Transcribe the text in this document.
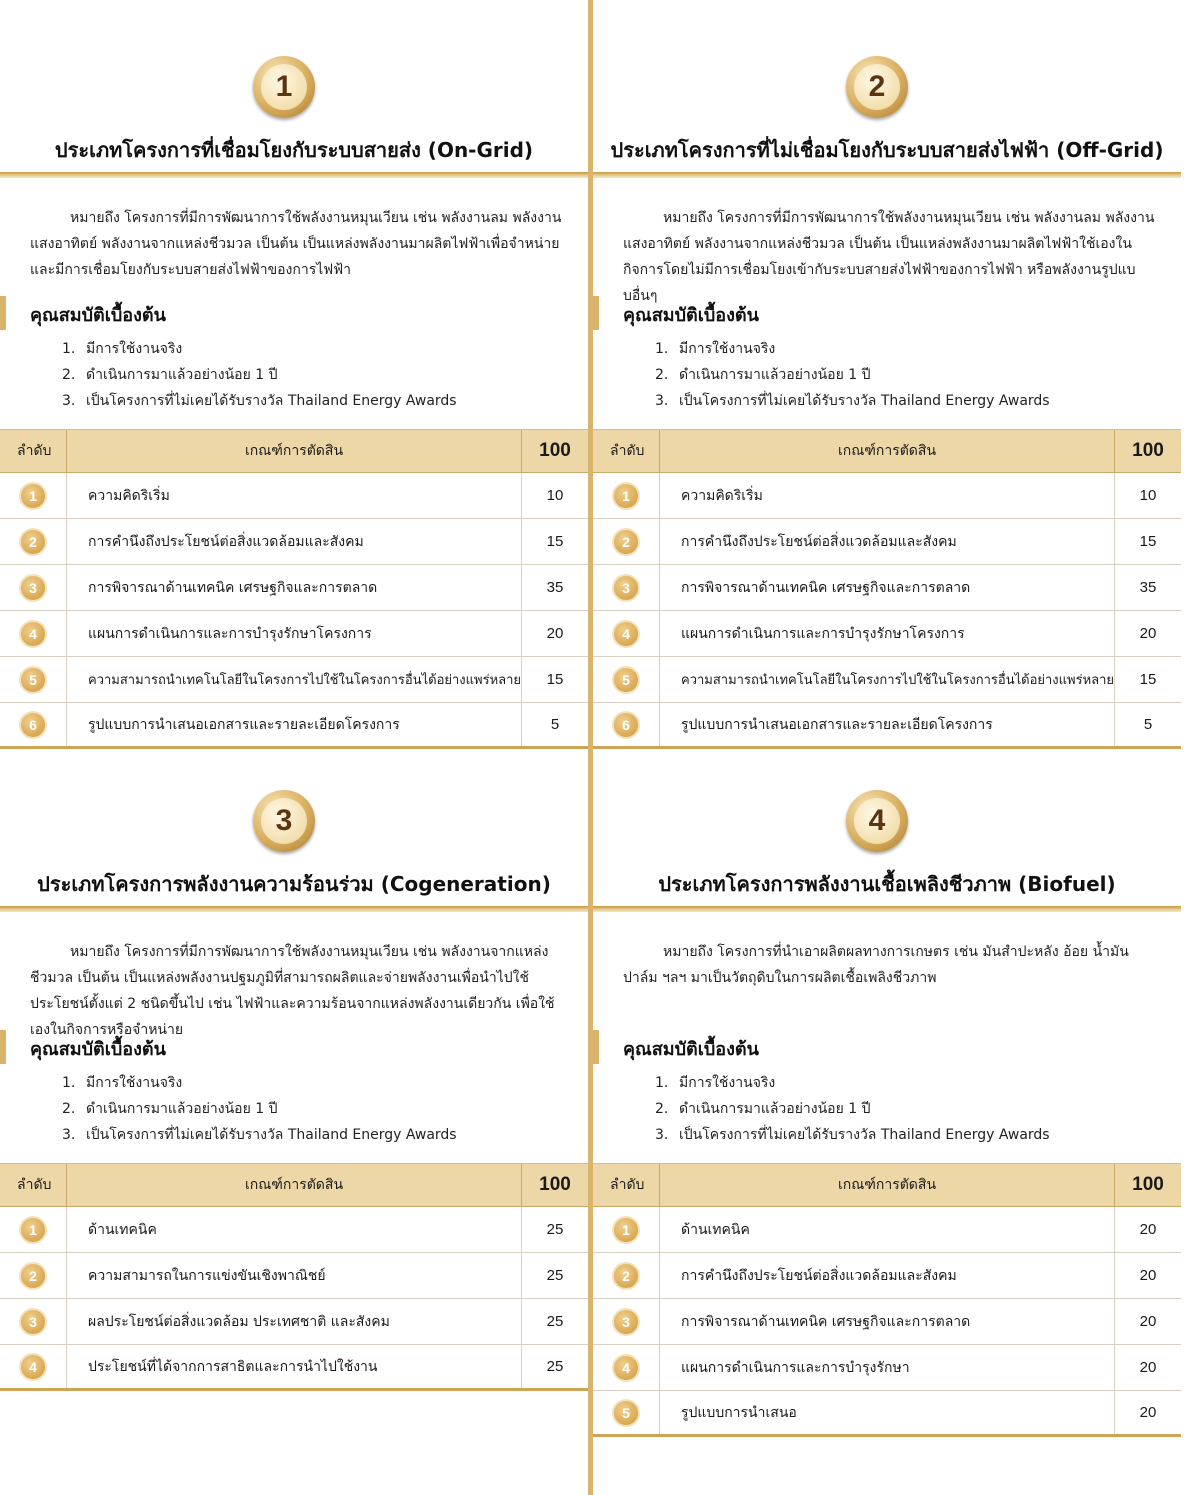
1
ประเภทโครงการที่เชื่อมโยงกับระบบสายส่ง (On-Grid)

หมายถึง โครงการที่มีการพัฒนาการใช้พลังงานหมุนเวียน เช่น พลังงานลม พลังงานแสงอาทิตย์ พลังงานจากแหล่งชีวมวล เป็นต้น เป็นแหล่งพลังงานมาผลิตไฟฟ้าเพื่อจำหน่ายและมีการเชื่อมโยงกับระบบสายส่งไฟฟ้าของการไฟฟ้า

คุณสมบัติเบื้องต้น
1. มีการใช้งานจริง
2. ดำเนินการมาแล้วอย่างน้อย 1 ปี
3. เป็นโครงการที่ไม่เคยได้รับรางวัล Thailand Energy Awards
ลำดับ	เกณฑ์การตัดสิน	100
1	ความคิดริเริ่ม	10
2	การคำนึงถึงประโยชน์ต่อสิ่งแวดล้อมและสังคม	15
3	การพิจารณาด้านเทคนิค เศรษฐกิจและการตลาด	35
4	แผนการดำเนินการและการบำรุงรักษาโครงการ	20
5	ความสามารถนำเทคโนโลยีในโครงการไปใช้ในโครงการอื่นได้อย่างแพร่หลาย	15
6	รูปแบบการนำเสนอเอกสารและรายละเอียดโครงการ	5
2
ประเภทโครงการที่ไม่เชื่อมโยงกับระบบสายส่งไฟฟ้า (Off-Grid)

หมายถึง โครงการที่มีการพัฒนาการใช้พลังงานหมุนเวียน เช่น พลังงานลม พลังงานแสงอาทิตย์ พลังงานจากแหล่งชีวมวล เป็นต้น เป็นแหล่งพลังงานมาผลิตไฟฟ้าใช้เองในกิจการโดยไม่มีการเชื่อมโยงเข้ากับระบบสายส่งไฟฟ้าของการไฟฟ้า หรือพลังงานรูปแบบอื่นๆ

คุณสมบัติเบื้องต้น
1. มีการใช้งานจริง
2. ดำเนินการมาแล้วอย่างน้อย 1 ปี
3. เป็นโครงการที่ไม่เคยได้รับรางวัล Thailand Energy Awards
ลำดับ	เกณฑ์การตัดสิน	100
1	ความคิดริเริ่ม	10
2	การคำนึงถึงประโยชน์ต่อสิ่งแวดล้อมและสังคม	15
3	การพิจารณาด้านเทคนิค เศรษฐกิจและการตลาด	35
4	แผนการดำเนินการและการบำรุงรักษาโครงการ	20
5	ความสามารถนำเทคโนโลยีในโครงการไปใช้ในโครงการอื่นได้อย่างแพร่หลาย	15
6	รูปแบบการนำเสนอเอกสารและรายละเอียดโครงการ	5
3
ประเภทโครงการพลังงานความร้อนร่วม (Cogeneration)

หมายถึง โครงการที่มีการพัฒนาการใช้พลังงานหมุนเวียน เช่น พลังงานจากแหล่งชีวมวล เป็นต้น เป็นแหล่งพลังงานปฐมภูมิที่สามารถผลิตและจ่ายพลังงานเพื่อนำไปใช้ประโยชน์ตั้งแต่ 2 ชนิดขึ้นไป เช่น ไฟฟ้าและความร้อนจากแหล่งพลังงานเดียวกัน เพื่อใช้เองในกิจการหรือจำหน่าย

คุณสมบัติเบื้องต้น
1. มีการใช้งานจริง
2. ดำเนินการมาแล้วอย่างน้อย 1 ปี
3. เป็นโครงการที่ไม่เคยได้รับรางวัล Thailand Energy Awards
ลำดับ	เกณฑ์การตัดสิน	100
1	ด้านเทคนิค	25
2	ความสามารถในการแข่งขันเชิงพาณิชย์	25
3	ผลประโยชน์ต่อสิ่งแวดล้อม ประเทศชาติ และสังคม	25
4	ประโยชน์ที่ได้จากการสาธิตและการนำไปใช้งาน	25
4
ประเภทโครงการพลังงานเชื้อเพลิงชีวภาพ (Biofuel)

หมายถึง โครงการที่นำเอาผลิตผลทางการเกษตร เช่น มันสำปะหลัง อ้อย น้ำมันปาล์ม ฯลฯ มาเป็นวัตถุดิบในการผลิตเชื้อเพลิงชีวภาพ

คุณสมบัติเบื้องต้น
1. มีการใช้งานจริง
2. ดำเนินการมาแล้วอย่างน้อย 1 ปี
3. เป็นโครงการที่ไม่เคยได้รับรางวัล Thailand Energy Awards
ลำดับ	เกณฑ์การตัดสิน	100
1	ด้านเทคนิค	20
2	การคำนึงถึงประโยชน์ต่อสิ่งแวดล้อมและสังคม	20
3	การพิจารณาด้านเทคนิค เศรษฐกิจและการตลาด	20
4	แผนการดำเนินการและการบำรุงรักษา	20
5	รูปแบบการนำเสนอ	20
